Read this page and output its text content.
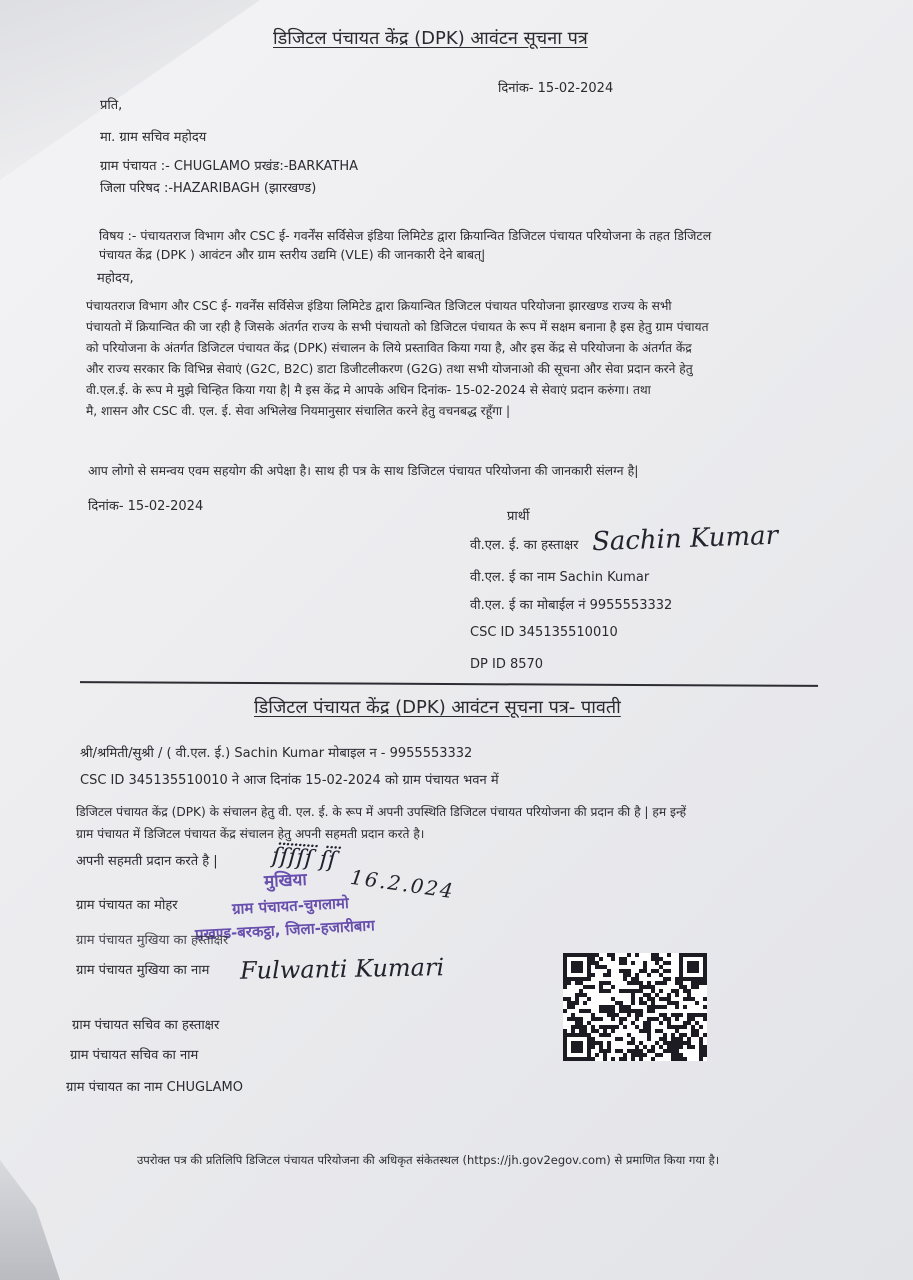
डिजिटल पंचायत केंद्र (DPK) आवंटन सूचना पत्र
दिनांक- 15-02-2024
प्रति,
मा. ग्राम सचिव महोदय
ग्राम पंचायत :- CHUGLAMO प्रखंड:-BARKATHA
जिला परिषद :-HAZARIBAGH (झारखण्ड)
विषय :- पंचायतराज विभाग और CSC ई- गवर्नेंस सर्विसेज इंडिया लिमिटेड द्वारा क्रियान्वित डिजिटल पंचायत परियोजना के तहत डिजिटल
पंचायत केंद्र (DPK ) आवंटन और ग्राम स्तरीय उद्यमि (VLE) की जानकारी देने बाबत्|
महोदय,
पंचायतराज विभाग और CSC ई- गवर्नेंस सर्विसेज इंडिया लिमिटेड द्वारा क्रियान्वित डिजिटल पंचायत परियोजना झारखण्ड राज्य के सभी
पंचायतो में क्रियान्वित की जा रही है जिसके अंतर्गत राज्य के सभी पंचायतो को डिजिटल पंचायत के रूप में सक्षम बनाना है इस हेतु ग्राम पंचायत
को परियोजना के अंतर्गत डिजिटल पंचायत केंद्र (DPK) संचालन के लिये प्रस्तावित किया गया है, और इस केंद्र से परियोजना के अंतर्गत केंद्र
और राज्य सरकार कि विभिन्न सेवाएं (G2C, B2C) डाटा डिजीटलीकरण (G2G) तथा सभी योजनाओ की सूचना और सेवा प्रदान करने हेतु
वी.एल.ई. के रूप मे मुझे चिन्हित किया गया है| मै इस केंद्र मे आपके अधिन दिनांक- 15-02-2024 से सेवाएं प्रदान करुंगा। तथा
मै, शासन और CSC वी. एल. ई. सेवा अभिलेख नियमानुसार संचालित करने हेतु वचनबद्ध रहूँगा |
आप लोगो से समन्वय एवम सहयोग की अपेक्षा है। साथ ही पत्र के साथ डिजिटल पंचायत परियोजना की जानकारी संलग्न है|
दिनांक- 15-02-2024
प्रार्थी
वी.एल. ई. का हस्ताक्षर Sachin Kumar
वी.एल. ई का नाम Sachin Kumar
वी.एल. ई का मोबाईल नं 9955553332
CSC ID 345135510010
DP ID 8570
डिजिटल पंचायत केंद्र (DPK) आवंटन सूचना पत्र- पावती
श्री/श्रमिती/सुश्री / ( वी.एल. ई.) Sachin Kumar मोबाइल न - 9955553332
CSC ID 345135510010 ने आज दिनांक 15-02-2024 को ग्राम पंचायत भवन में
डिजिटल पंचायत केंद्र (DPK) के संचालन हेतु वी. एल. ई. के रूप में अपनी उपस्थिति डिजिटल पंचायत परियोजना की प्रदान की है | हम इन्हें
ग्राम पंचायत में डिजिटल पंचायत केंद्र संचालन हेतु अपनी सहमती प्रदान करते है।
अपनी सहमती प्रदान करते है | ſ̈ſ̈ſ̈ſ̈ſ̈ ſ̈ſ̈
16.2.024
मुखिया
ग्राम पंचायत-चुगलामो
प्रखण्ड-बरकट्ठा, जिला-हजारीबाग
ग्राम पंचायत का मोहर
ग्राम पंचायत मुखिया का हस्ताक्षर
ग्राम पंचायत मुखिया का नाम Fulwanti Kumari
ग्राम पंचायत सचिव का हस्ताक्षर
ग्राम पंचायत सचिव का नाम
ग्राम पंचायत का नाम CHUGLAMO
उपरोक्त पत्र की प्रतिलिपि डिजिटल पंचायत परियोजना की अधिकृत संकेतस्थल (https://jh.gov2egov.com) से प्रमाणित किया गया है।
